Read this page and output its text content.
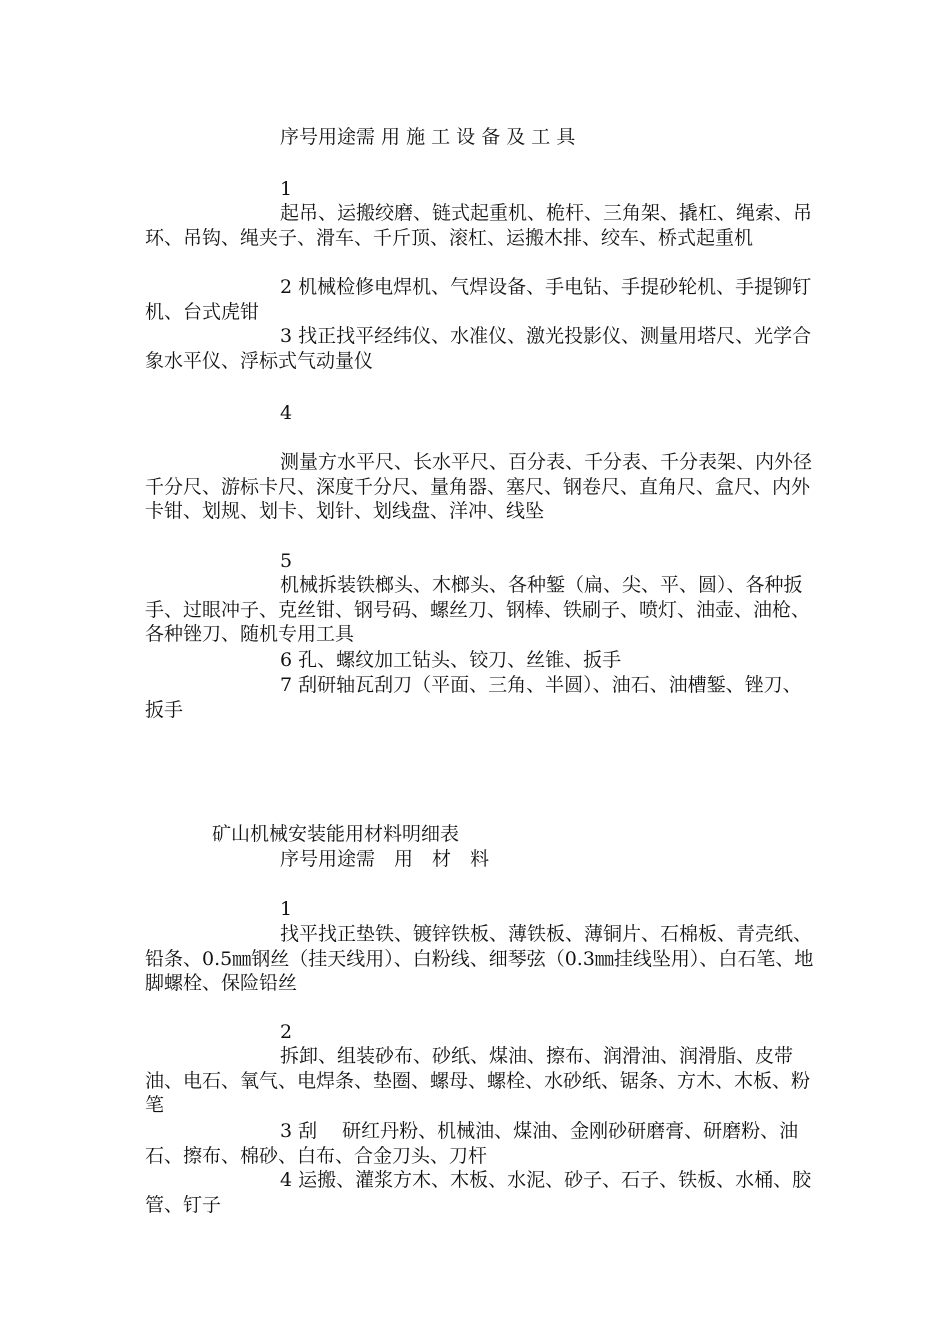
序号用途需 用 施 工 设 备 及 工 具

1

起吊、运搬绞磨、链式起重机、桅杆、三角架、撬杠、绳索、吊环、吊钩、绳夹子、滑车、千斤顶、滚杠、运搬木排、绞车、桥式起重机

2 机械检修电焊机、气焊设备、手电钻、手提砂轮机、手提铆钉机、台式虎钳

3 找正找平经纬仪、水准仪、激光投影仪、测量用塔尺、光学合象水平仪、浮标式气动量仪

4

测量方水平尺、长水平尺、百分表、千分表、千分表架、内外径千分尺、游标卡尺、深度千分尺、量角器、塞尺、钢卷尺、直角尺、盒尺、内外卡钳、划规、划卡、划针、划线盘、洋冲、线坠

5

机械拆装铁榔头、木榔头、各种錾（扁、尖、平、圆）、各种扳手、过眼冲子、克丝钳、钢号码、螺丝刀、钢棒、铁刷子、喷灯、油壶、油枪、各种锉刀、随机专用工具

6 孔、螺纹加工钻头、铰刀、丝锥、扳手

7 刮研轴瓦刮刀（平面、三角、半圆）、油石、油槽錾、锉刀、扳手

矿山机械安装能用材料明细表

序号用途需　用　材　料

1

找平找正垫铁、镀锌铁板、薄铁板、薄铜片、石棉板、青壳纸、铅条、0.5㎜钢丝（挂天线用）、白粉线、细琴弦（0.3㎜挂线坠用）、白石笔、地脚螺栓、保险铅丝

2

拆卸、组装砂布、砂纸、煤油、擦布、润滑油、润滑脂、皮带油、电石、氧气、电焊条、垫圈、螺母、螺栓、水砂纸、锯条、方木、木板、粉笔

3 刮　 研红丹粉、机械油、煤油、金刚砂研磨膏、研磨粉、油石、擦布、棉砂、白布、合金刀头、刀杆

4 运搬、灌浆方木、木板、水泥、砂子、石子、铁板、水桶、胶管、钉子
